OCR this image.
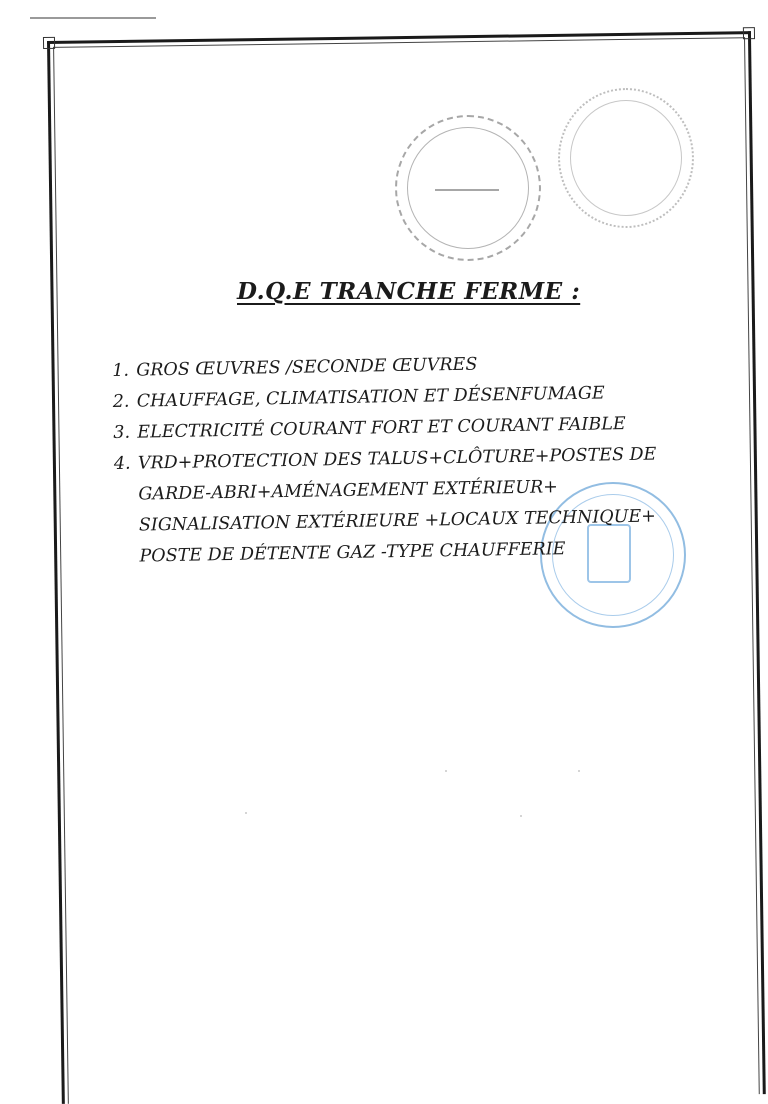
D.Q.E TRANCHE FERME :
1. GROS ŒUVRES /SECONDE ŒUVRES
2. CHAUFFAGE, CLIMATISATION ET DÉSENFUMAGE
3. ELECTRICITÉ COURANT FORT ET COURANT FAIBLE
4. VRD+PROTECTION DES TALUS+CLÔTURE+POSTES DE
GARDE-ABRI+AMÉNAGEMENT EXTÉRIEUR+
SIGNALISATION EXTÉRIEURE +LOCAUX TECHNIQUE+
POSTE DE DÉTENTE GAZ -TYPE CHAUFFERIE
